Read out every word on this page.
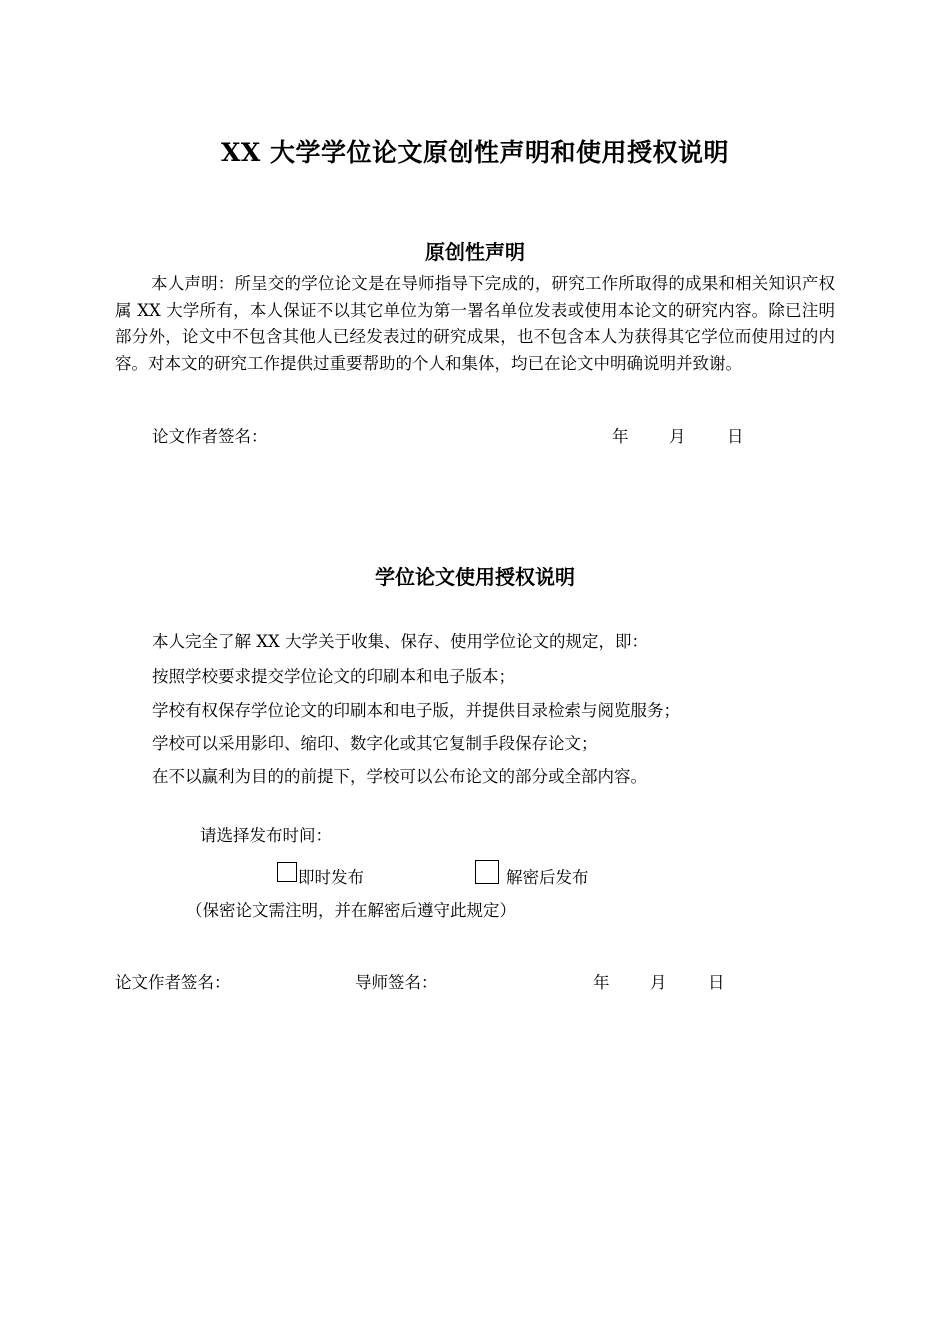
XX 大学学位论文原创性声明和使用授权说明
原创性声明
本人声明：所呈交的学位论文是在导师指导下完成的，研究工作所取得的成果和相关知识产权属 XX 大学所有，本人保证不以其它单位为第一署名单位发表或使用本论文的研究内容。除已注明部分外，论文中不包含其他人已经发表过的研究成果，也不包含本人为获得其它学位而使用过的内容。对本文的研究工作提供过重要帮助的个人和集体，均已在论文中明确说明并致谢。
论文作者签名：	年 月	日
学位论文使用授权说明
本人完全了解 XX 大学关于收集、保存、使用学位论文的规定，即：
按照学校要求提交学位论文的印刷本和电子版本；
学校有权保存学位论文的印刷本和电子版，并提供目录检索与阅览服务；
学校可以采用影印、缩印、数字化或其它复制手段保存论文；
在不以赢利为目的的前提下，学校可以公布论文的部分或全部内容。
请选择发布时间：
即时发布	解密后发布
（保密论文需注明，并在解密后遵守此规定）
论文作者签名：	导师签名：	年 月	日
